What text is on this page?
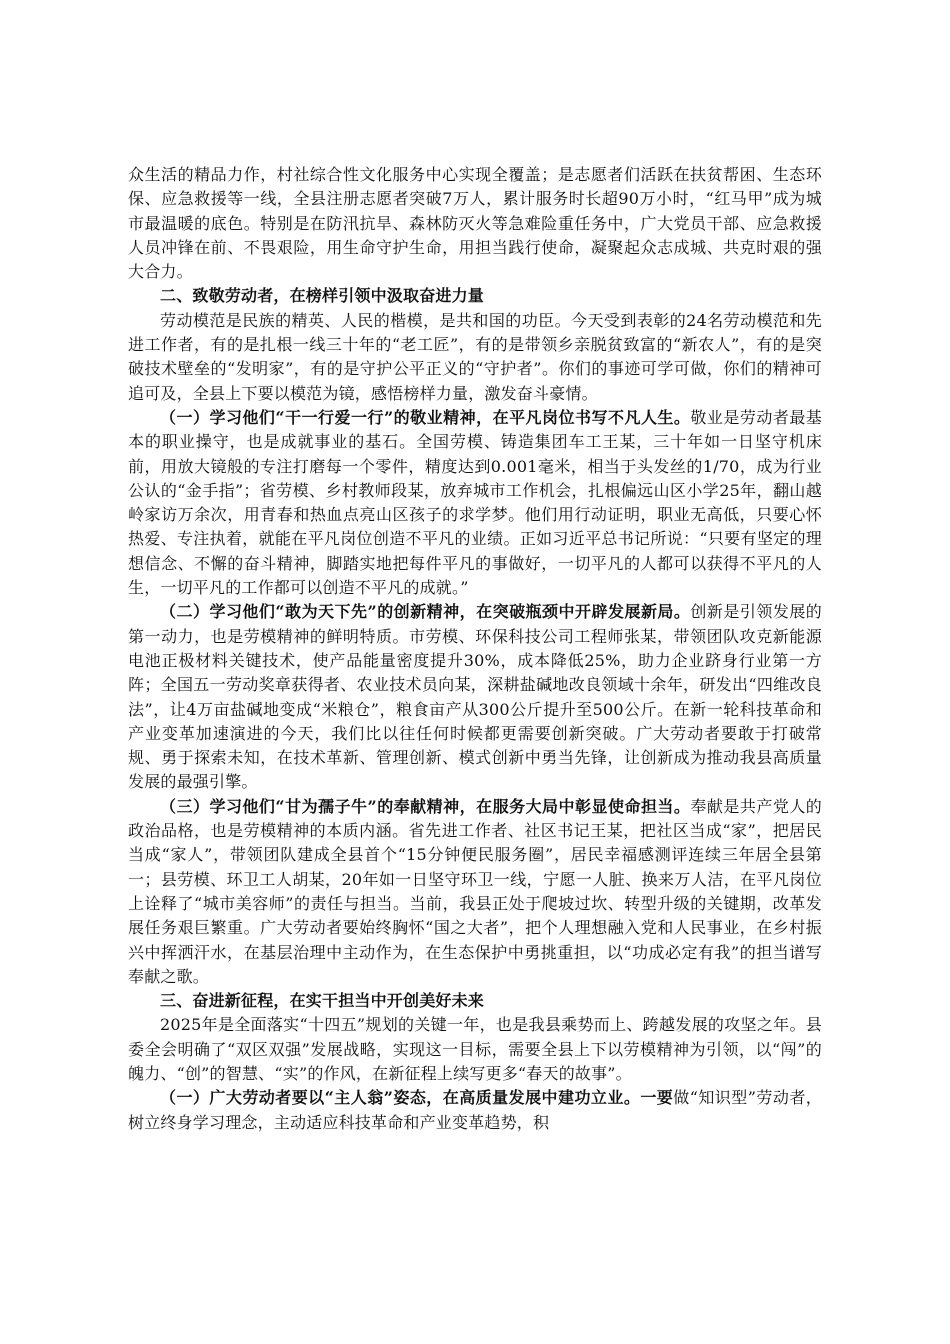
众生活的精品力作，村社综合性文化服务中心实现全覆盖；是志愿者们活跃在扶贫帮困、生态环保、应急救援等一线，全县注册志愿者突破7万人，累计服务时长超90万小时，“红马甲”成为城市最温暖的底色。特别是在防汛抗旱、森林防灭火等急难险重任务中，广大党员干部、应急救援人员冲锋在前、不畏艰险，用生命守护生命，用担当践行使命，凝聚起众志成城、共克时艰的强大合力。

二、致敬劳动者，在榜样引领中汲取奋进力量

劳动模范是民族的精英、人民的楷模，是共和国的功臣。今天受到表彰的24名劳动模范和先进工作者，有的是扎根一线三十年的“老工匠”，有的是带领乡亲脱贫致富的“新农人”，有的是突破技术壁垒的“发明家”，有的是守护公平正义的“守护者”。你们的事迹可学可做，你们的精神可追可及，全县上下要以模范为镜，感悟榜样力量，激发奋斗豪情。

（一）学习他们“干一行爱一行”的敬业精神，在平凡岗位书写不凡人生。敬业是劳动者最基本的职业操守，也是成就事业的基石。全国劳模、铸造集团车工王某，三十年如一日坚守机床前，用放大镜般的专注打磨每一个零件，精度达到0.001毫米，相当于头发丝的1/70，成为行业公认的“金手指”；省劳模、乡村教师段某，放弃城市工作机会，扎根偏远山区小学25年，翻山越岭家访万余次，用青春和热血点亮山区孩子的求学梦。他们用行动证明，职业无高低，只要心怀热爱、专注执着，就能在平凡岗位创造不平凡的业绩。正如习近平总书记所说：“只要有坚定的理想信念、不懈的奋斗精神，脚踏实地把每件平凡的事做好，一切平凡的人都可以获得不平凡的人生，一切平凡的工作都可以创造不平凡的成就。”

（二）学习他们“敢为天下先”的创新精神，在突破瓶颈中开辟发展新局。创新是引领发展的第一动力，也是劳模精神的鲜明特质。市劳模、环保科技公司工程师张某，带领团队攻克新能源电池正极材料关键技术，使产品能量密度提升30%，成本降低25%，助力企业跻身行业第一方阵；全国五一劳动奖章获得者、农业技术员向某，深耕盐碱地改良领域十余年，研发出“四维改良法”，让4万亩盐碱地变成“米粮仓”，粮食亩产从300公斤提升至500公斤。在新一轮科技革命和产业变革加速演进的今天，我们比以往任何时候都更需要创新突破。广大劳动者要敢于打破常规、勇于探索未知，在技术革新、管理创新、模式创新中勇当先锋，让创新成为推动我县高质量发展的最强引擎。

（三）学习他们“甘为孺子牛”的奉献精神，在服务大局中彰显使命担当。奉献是共产党人的政治品格，也是劳模精神的本质内涵。省先进工作者、社区书记王某，把社区当成“家”，把居民当成“家人”，带领团队建成全县首个“15分钟便民服务圈”，居民幸福感测评连续三年居全县第一；县劳模、环卫工人胡某，20年如一日坚守环卫一线，宁愿一人脏、换来万人洁，在平凡岗位上诠释了“城市美容师”的责任与担当。当前，我县正处于爬坡过坎、转型升级的关键期，改革发展任务艰巨繁重。广大劳动者要始终胸怀“国之大者”，把个人理想融入党和人民事业，在乡村振兴中挥洒汗水，在基层治理中主动作为，在生态保护中勇挑重担，以“功成必定有我”的担当谱写奉献之歌。

三、奋进新征程，在实干担当中开创美好未来

2025年是全面落实“十四五”规划的关键一年，也是我县乘势而上、跨越发展的攻坚之年。县委全会明确了“双区双强”发展战略，实现这一目标，需要全县上下以劳模精神为引领，以“闯”的魄力、“创”的智慧、“实”的作风，在新征程上续写更多“春天的故事”。

（一）广大劳动者要以“主人翁”姿态，在高质量发展中建功立业。一要做“知识型”劳动者，树立终身学习理念，主动适应科技革命和产业变革趋势，积
